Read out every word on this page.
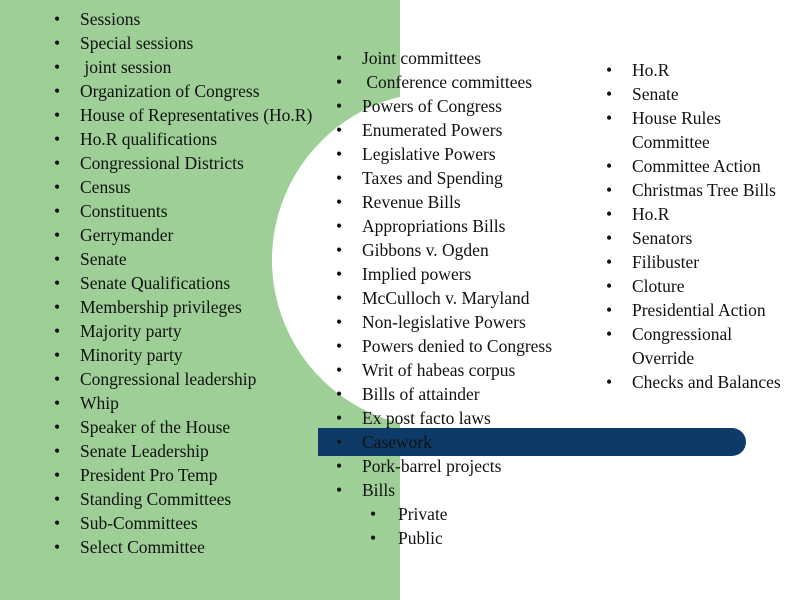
• Sessions
• Special sessions
•  joint session
• Organization of Congress
• House of Representatives (Ho.R)
• Ho.R qualifications
• Congressional Districts
• Census
• Constituents
• Gerrymander
• Senate
• Senate Qualifications
• Membership privileges
• Majority party
• Minority party
• Congressional leadership
• Whip
• Speaker of the House
• Senate Leadership
• President Pro Temp
• Standing Committees
• Sub-Committees
• Select Committee
• Joint committees
•  Conference committees
• Powers of Congress
• Enumerated Powers
• Legislative Powers
• Taxes and Spending
• Revenue Bills
• Appropriations Bills
• Gibbons v. Ogden
• Implied powers
• McCulloch v. Maryland
• Non-legislative Powers
• Powers denied to Congress
• Writ of habeas corpus
• Bills of attainder
• Ex post facto laws
• Casework
• Pork-barrel projects
• Bills
• Private
• Public
• Ho.R
• Senate
• House Rules Committee
• Committee Action
• Christmas Tree Bills
• Ho.R
• Senators
• Filibuster
• Cloture
• Presidential Action
• Congressional Override
• Checks and Balances
